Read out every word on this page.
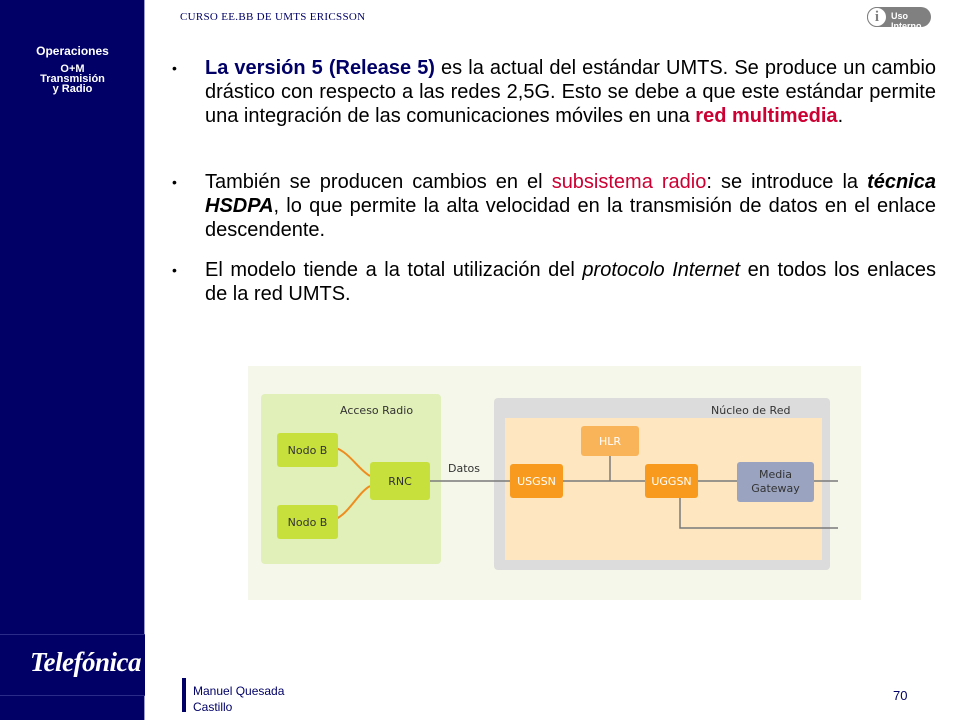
Operaciones
O+M
Transmisión
y Radio
Telefónica
CURSO EE.BB DE UMTS ERICSSON	i	Uso Interno
• La versión 5 (Release 5) es la actual del estándar UMTS. Se produce un cambio drástico con respecto a las redes 2,5G. Esto se debe a que este estándar permite una integración de las comunicaciones móviles en una red multimedia.

• También se producen cambios en el subsistema radio: se introduce la técnica HSDPA, lo que permite la alta velocidad en la transmisión de datos en el enlace descendente.

• El modelo tiende a la total utilización del protocolo Internet en todos los enlaces de la red UMTS.

Acceso Radio	Núcleo de Red
Datos
Nodo B
Nodo B
RNC
HLR
USGSN	UGGSN
Media
Gateway
Manuel Quesada
Castillo
70
